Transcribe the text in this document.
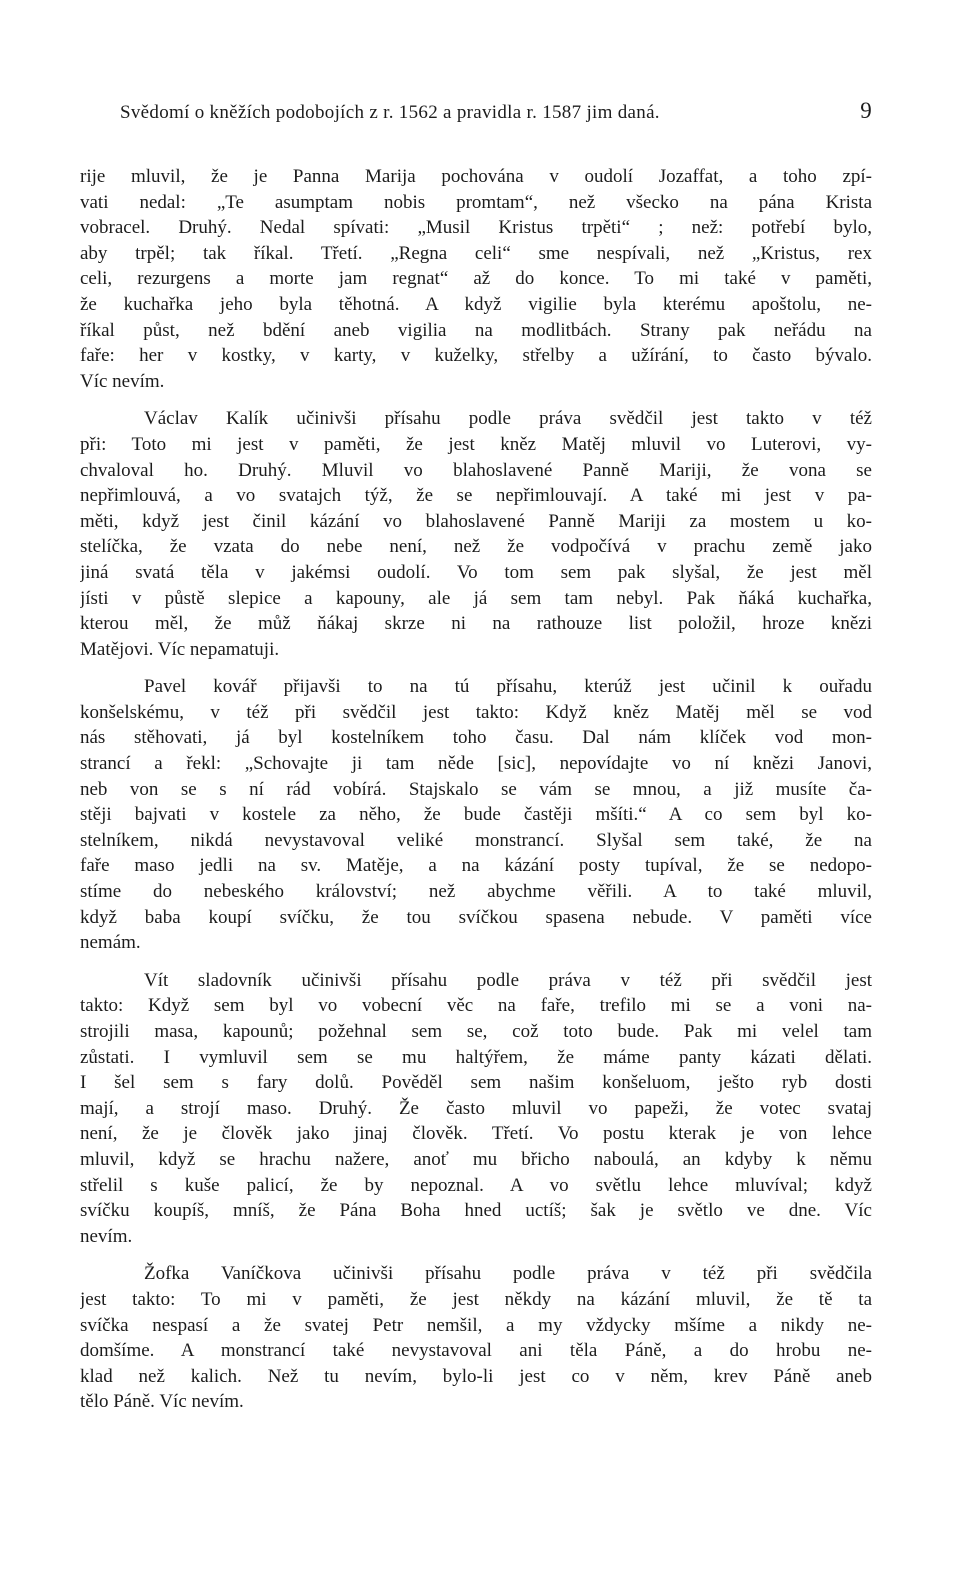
Svědomí o kněžích podobojích z r. 1562 a pravidla r. 1587 jim daná.	9
rije mluvil, že je Panna Marija pochována v oudolí Jozaffat, a toho zpí-
vati nedal: „Te asumptam nobis promtam“, než všecko na pána Krista
vobracel. Druhý. Nedal spívati: „Musil Kristus trpěti“ ; než: potřebí bylo,
aby trpěl; tak říkal. Třetí. „Regna celi“ sme nespívali, než „Kristus, rex
celi, rezurgens a morte jam regnat“ až do konce. To mi také v paměti,
že kuchařka jeho byla těhotná. A když vigilie byla kterému apoštolu, ne-
říkal půst, než bdění aneb vigilia na modlitbách. Strany pak neřádu na
faře: her v kostky, v karty, v kuželky, střelby a užírání, to často bývalo.
Víc nevím.
Václav Kalík učinivši přísahu podle práva svědčil jest takto v též
při: Toto mi jest v paměti, že jest kněz Matěj mluvil vo Luterovi, vy-
chvaloval ho. Druhý. Mluvil vo blahoslavené Panně Mariji, že vona se
nepřimlouvá, a vo svatajch týž, že se nepřimlouvají. A také mi jest v pa-
měti, když jest činil kázání vo blahoslavené Panně Mariji za mostem u ko-
stelíčka, že vzata do nebe není, než že vodpočívá v prachu země jako
jiná svatá těla v jakémsi oudolí. Vo tom sem pak slyšal, že jest měl
jísti v půstě slepice a kapouny, ale já sem tam nebyl. Pak ňáká kuchařka,
kterou měl, že můž ňákaj skrze ni na rathouze list položil, hroze knězi
Matějovi. Víc nepamatuji.
Pavel kovář přijavši to na tú přísahu, kterúž jest učinil k ouřadu
konšelskému, v též při svědčil jest takto: Když kněz Matěj měl se vod
nás stěhovati, já byl kostelníkem toho času. Dal nám klíček vod mon-
strancí a řekl: „Schovajte ji tam něde [sic], nepovídajte vo ní knězi Janovi,
neb von se s ní rád vobírá. Stajskalo se vám se mnou, a již musíte ča-
stěji bajvati v kostele za něho, že bude častěji mšíti.“ A co sem byl ko-
stelníkem, nikdá nevystavoval veliké monstrancí. Slyšal sem také, že na
faře maso jedli na sv. Matěje, a na kázání posty tupíval, že se nedopo-
stíme do nebeského království; než abychme věřili. A to také mluvil,
když baba koupí svíčku, že tou svíčkou spasena nebude. V paměti více
nemám.
Vít sladovník učinivši přísahu podle práva v též při svědčil jest
takto: Když sem byl vo vobecní věc na faře, trefilo mi se a voni na-
strojili masa, kapounů; požehnal sem se, což toto bude. Pak mi velel tam
zůstati. I vymluvil sem se mu haltýřem, že máme panty kázati dělati.
I šel sem s fary dolů. Pověděl sem našim konšeluom, ješto ryb dosti
mají, a strojí maso. Druhý. Že často mluvil vo papeži, že votec svataj
není, že je člověk jako jinaj člověk. Třetí. Vo postu kterak je von lehce
mluvil, když se hrachu nažere, anoť mu břicho naboulá, an kdyby k němu
střelil s kuše palicí, že by nepoznal. A vo světlu lehce mluvíval; když
svíčku koupíš, mníš, že Pána Boha hned uctíš; šak je světlo ve dne. Víc
nevím.
Žofka Vaníčkova učinivši přísahu podle práva v též při svědčila
jest takto: To mi v paměti, že jest někdy na kázání mluvil, že tě ta
svíčka nespasí a že svatej Petr nemšil, a my vždycky mšíme a nikdy ne-
domšíme. A monstrancí také nevystavoval ani těla Páně, a do hrobu ne-
klad než kalich. Než tu nevím, bylo-li jest co v něm, krev Páně aneb
tělo Páně. Víc nevím.
